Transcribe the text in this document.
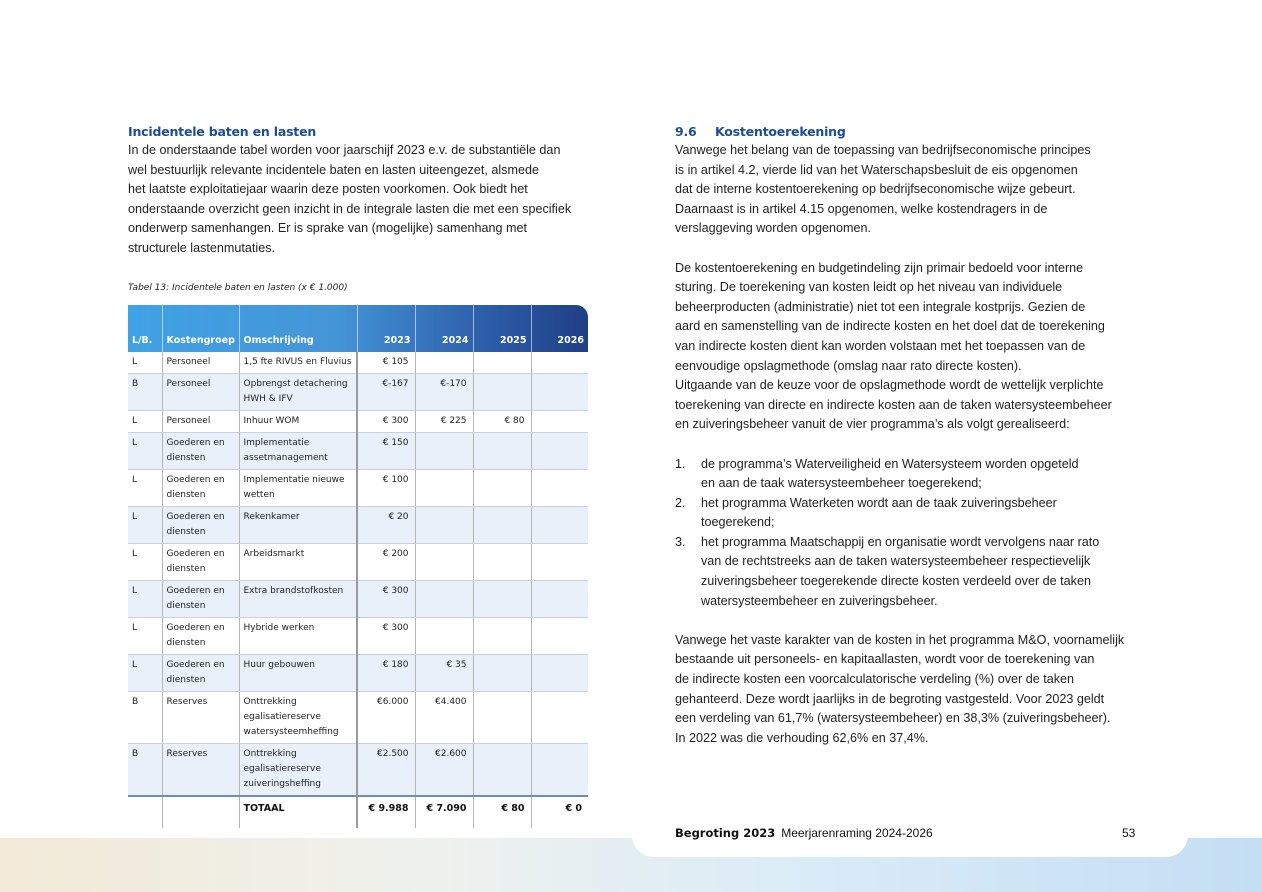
Incidentele baten en lasten

In de onderstaande tabel worden voor jaarschijf 2023 e.v. de substantiële dan

wel bestuurlijk relevante incidentele baten en lasten uiteengezet, alsmede

het laatste exploitatiejaar waarin deze posten voorkomen. Ook biedt het

onderstaande overzicht geen inzicht in de integrale lasten die met een specifiek

onderwerp samenhangen. Er is sprake van (mogelijke) samenhang met

structurele lastenmutaties.

Tabel 13: Incidentele baten en lasten (x € 1.000)
L/B.	Kostengroep	Omschrijving	2023	2024	2025	2026
L	Personeel	1,5 fte RIVUS en Fluvius	€ 105			
B	Personeel	Opbrengst detachering HWH & IFV	€-167	€-170		
L	Personeel	Inhuur WOM	€ 300	€ 225	€ 80	
L	Goederen en diensten	Implementatie assetmanagement	€ 150			
L	Goederen en diensten	Implementatie nieuwe wetten	€ 100			
L	Goederen en diensten	Rekenkamer	€ 20			
L	Goederen en diensten	Arbeidsmarkt	€ 200			
L	Goederen en diensten	Extra brandstofkosten	€ 300			
L	Goederen en diensten	Hybride werken	€ 300			
L	Goederen en diensten	Huur gebouwen	€ 180	€ 35		
B	Reserves	Onttrekking egalisatiereserve watersysteemheffing	€6.000	€4.400		
B	Reserves	Onttrekking egalisatiereserve zuiveringsheffing	€2.500	€2.600		
		TOTAAL	€ 9.988	€ 7.090	€ 80	€ 0
9.6 Kostentoerekening

Vanwege het belang van de toepassing van bedrijfseconomische principes

is in artikel 4.2, vierde lid van het Waterschapsbesluit de eis opgenomen

dat de interne kostentoerekening op bedrijfseconomische wijze gebeurt.

Daarnaast is in artikel 4.15 opgenomen, welke kostendragers in de

verslaggeving worden opgenomen.

De kostentoerekening en budgetindeling zijn primair bedoeld voor interne

sturing. De toerekening van kosten leidt op het niveau van individuele

beheerproducten (administratie) niet tot een integrale kostprijs. Gezien de

aard en samenstelling van de indirecte kosten en het doel dat de toerekening

van indirecte kosten dient kan worden volstaan met het toepassen van de

eenvoudige opslagmethode (omslag naar rato directe kosten).

Uitgaande van de keuze voor de opslagmethode wordt de wettelijk verplichte

toerekening van directe en indirecte kosten aan de taken watersysteembeheer

en zuiveringsbeheer vanuit de vier programma’s als volgt gerealiseerd:

1. de programma’s Waterveiligheid en Watersysteem worden opgeteld

en aan de taak watersysteembeheer toegerekend;

2. het programma Waterketen wordt aan de taak zuiveringsbeheer

toegerekend;

3. het programma Maatschappij en organisatie wordt vervolgens naar rato

van de rechtstreeks aan de taken watersysteembeheer respectievelijk

zuiveringsbeheer toegerekende directe kosten verdeeld over de taken

watersysteembeheer en zuiveringsbeheer.

Vanwege het vaste karakter van de kosten in het programma M&O, voornamelijk

bestaande uit personeels- en kapitaallasten, wordt voor de toerekening van

de indirecte kosten een voorcalculatorische verdeling (%) over de taken

gehanteerd. Deze wordt jaarlijks in de begroting vastgesteld. Voor 2023 geldt

een verdeling van 61,7% (watersysteembeheer) en 38,3% (zuiveringsbeheer).

In 2022 was die verhouding 62,6% en 37,4%.

Begroting 2023 Meerjarenraming 2024-2026	53
